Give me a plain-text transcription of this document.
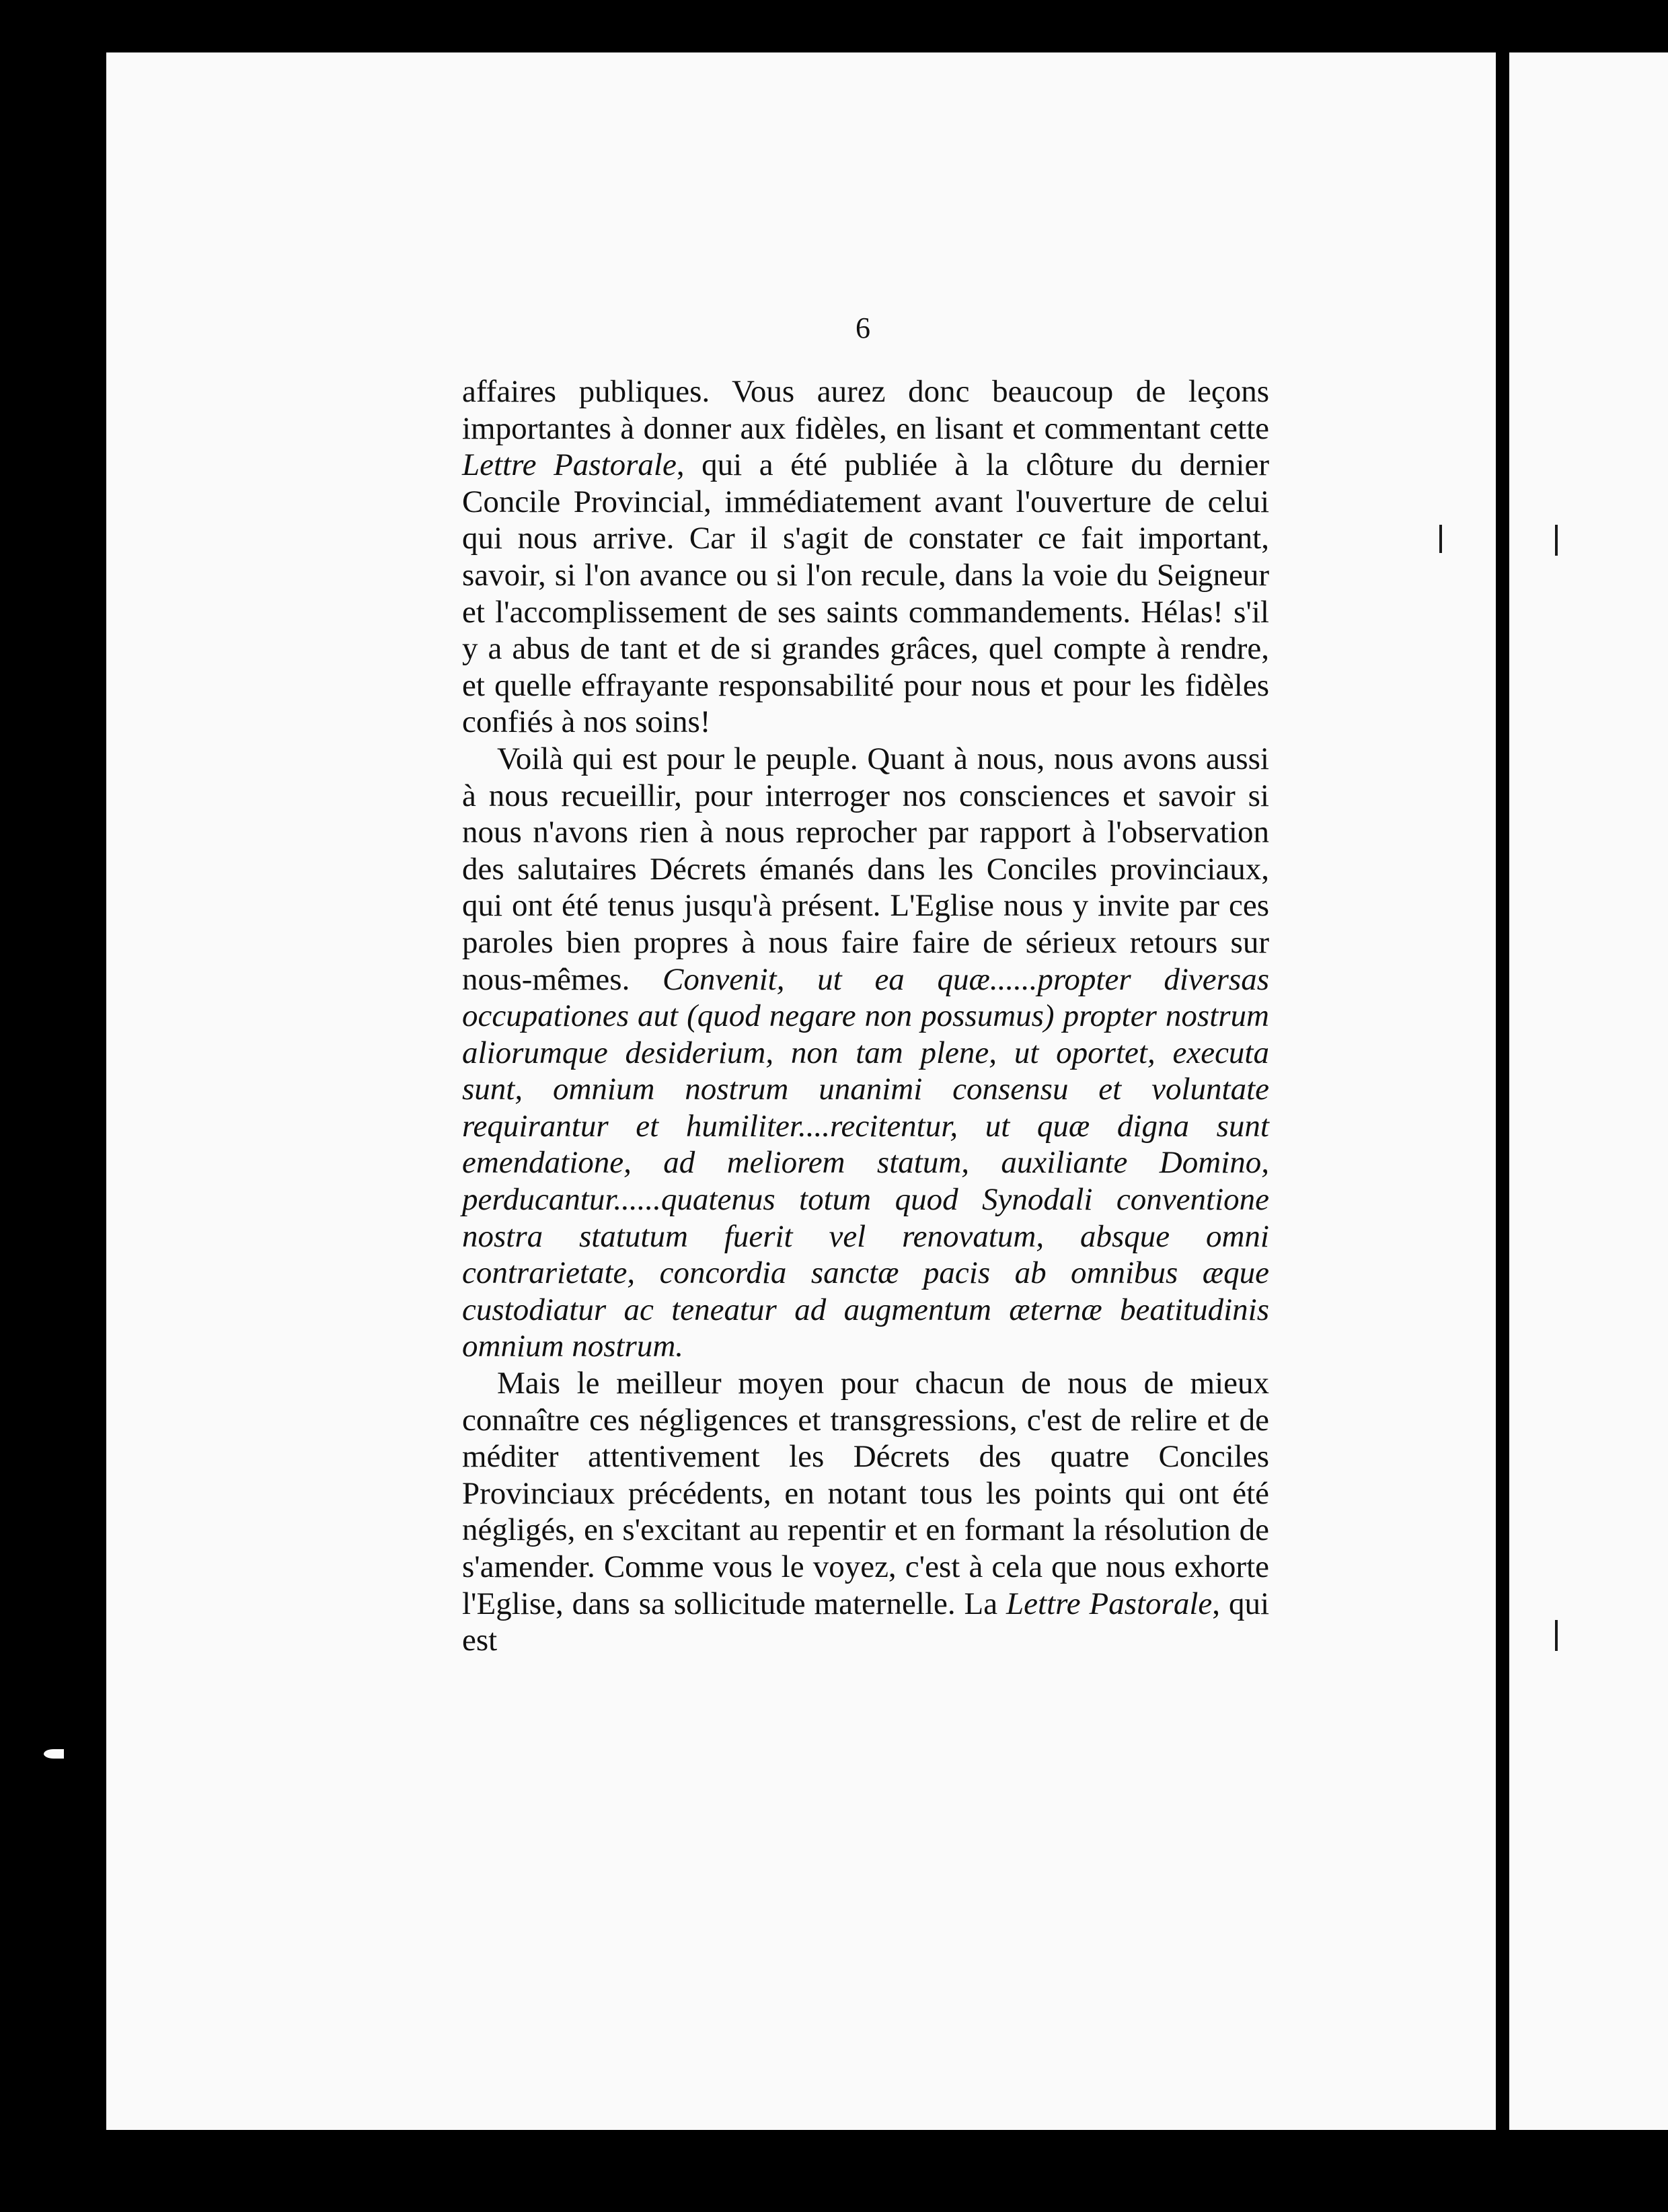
6

affaires publiques. Vous aurez donc beaucoup de leçons importantes à donner aux fidèles, en lisant et commentant cette Lettre Pastorale, qui a été publiée à la clôture du dernier Concile Provincial, immédiatement avant l'ouverture de celui qui nous arrive. Car il s'agit de constater ce fait important, savoir, si l'on avance ou si l'on recule, dans la voie du Seigneur et l'accomplissement de ses saints commandements. Hélas! s'il y a abus de tant et de si grandes grâces, quel compte à rendre, et quelle effrayante responsabilité pour nous et pour les fidèles confiés à nos soins!

Voilà qui est pour le peuple. Quant à nous, nous avons aussi à nous recueillir, pour interroger nos consciences et savoir si nous n'avons rien à nous reprocher par rapport à l'observation des salutaires Décrets émanés dans les Conciles provinciaux, qui ont été tenus jusqu'à présent. L'Eglise nous y invite par ces paroles bien propres à nous faire faire de sérieux retours sur nous-mêmes. Convenit, ut ea quæ......propter diversas occupationes aut (quod negare non possumus) propter nostrum aliorumque desiderium, non tam plene, ut oportet, executa sunt, omnium nostrum unanimi consensu et voluntate requirantur et humiliter....recitentur, ut quæ digna sunt emendatione, ad meliorem statum, auxiliante Domino, perducantur......quatenus totum quod Synodali conventione nostra statutum fuerit vel renovatum, absque omni contrarietate, concordia sanctæ pacis ab omnibus æque custodiatur ac teneatur ad augmentum æternæ beatitudinis omnium nostrum.

Mais le meilleur moyen pour chacun de nous de mieux connaître ces négligences et transgressions, c'est de relire et de méditer attentivement les Décrets des quatre Conciles Provinciaux précédents, en notant tous les points qui ont été négligés, en s'excitant au repentir et en formant la résolution de s'amender. Comme vous le voyez, c'est à cela que nous exhorte l'Eglise, dans sa sollicitude maternelle. La Lettre Pastorale, qui est
